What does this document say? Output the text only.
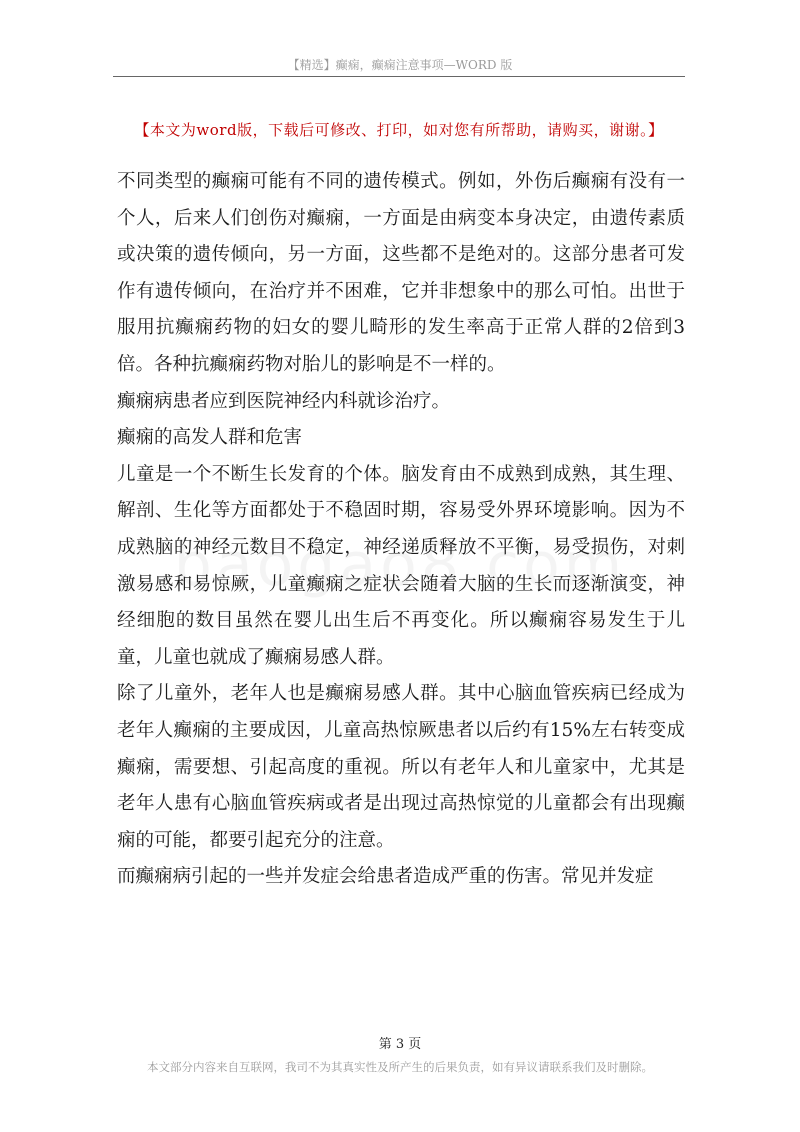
【精选】癫痫，癫痫注意事项—WORD 版
【本文为word版，下载后可修改、打印，如对您有所帮助，请购买，谢谢。】

不同类型的癫痫可能有不同的遗传模式。例如，外伤后癫痫有没有一个人，后来人们创伤对癫痫，一方面是由病变本身决定，由遗传素质或决策的遗传倾向，另一方面，这些都不是绝对的。这部分患者可发作有遗传倾向，在治疗并不困难，它并非想象中的那么可怕。出世于服用抗癫痫药物的妇女的婴儿畸形的发生率高于正常人群的2倍到3倍。各种抗癫痫药物对胎儿的影响是不一样的。

癫痫病患者应到医院神经内科就诊治疗。

癫痫的高发人群和危害

儿童是一个不断生长发育的个体。脑发育由不成熟到成熟，其生理、解剖、生化等方面都处于不稳固时期，容易受外界环境影响。因为不成熟脑的神经元数目不稳定，神经递质释放不平衡，易受损伤，对刺激易感和易惊厥，儿童癫痫之症状会随着大脑的生长而逐渐演变，神经细胞的数目虽然在婴儿出生后不再变化。所以癫痫容易发生于儿童，儿童也就成了癫痫易感人群。

除了儿童外，老年人也是癫痫易感人群。其中心脑血管疾病已经成为老年人癫痫的主要成因，儿童高热惊厥患者以后约有15%左右转变成癫痫，需要想、引起高度的重视。所以有老年人和儿童家中，尤其是老年人患有心脑血管疾病或者是出现过高热惊觉的儿童都会有出现癫痫的可能，都要引起充分的注意。

而癫痫病引起的一些并发症会给患者造成严重的伤害。常见并发症

第 3 页
本文部分内容来自互联网，我司不为其真实性及所产生的后果负责，如有异议请联系我们及时删除。
